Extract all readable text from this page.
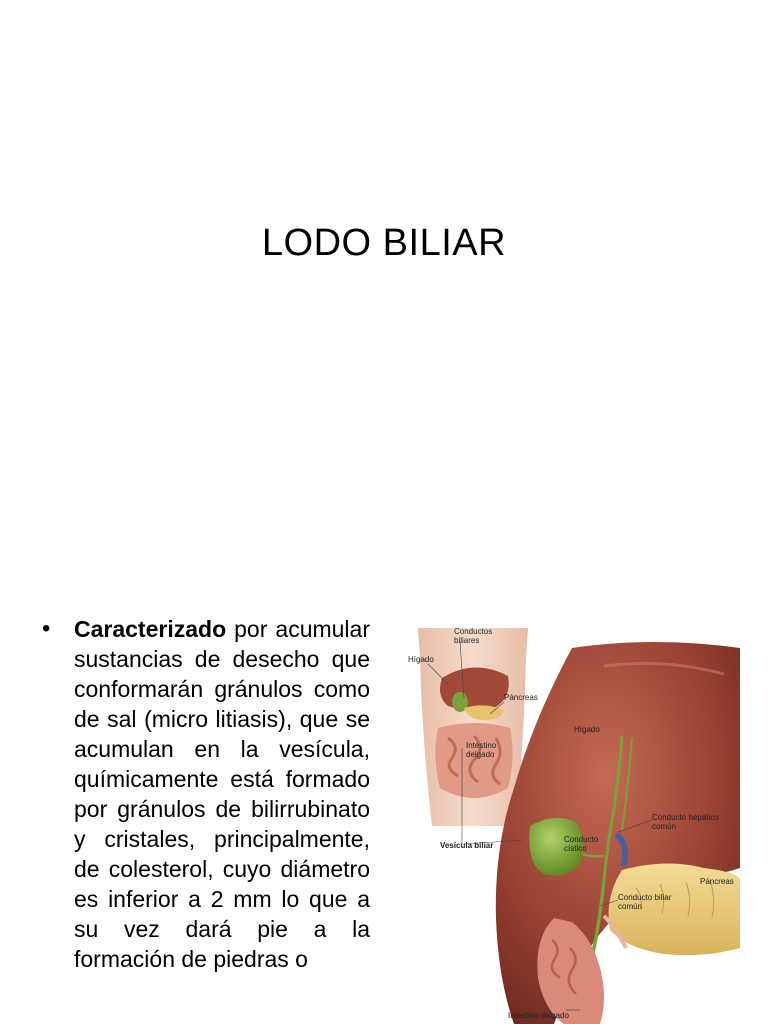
LODO BILIAR
• Caracterizado por acumular sustancias de desecho que conformarán gránulos como de sal (micro litiasis), que se acumulan en la vesícula, químicamente está formado por gránulos de bilirrubinato y cristales, principalmente, de colesterol, cuyo diámetro es inferior a 2 mm lo que a su vez dará pie a la formación de piedras o
Conductos
biliares
Hígado
Páncreas
Intestino
delgado
Hígado
Vesícula biliar
Conducto hepático
común
Conducto
cístico
Páncreas
Conducto biliar
común
Intestino delgado
